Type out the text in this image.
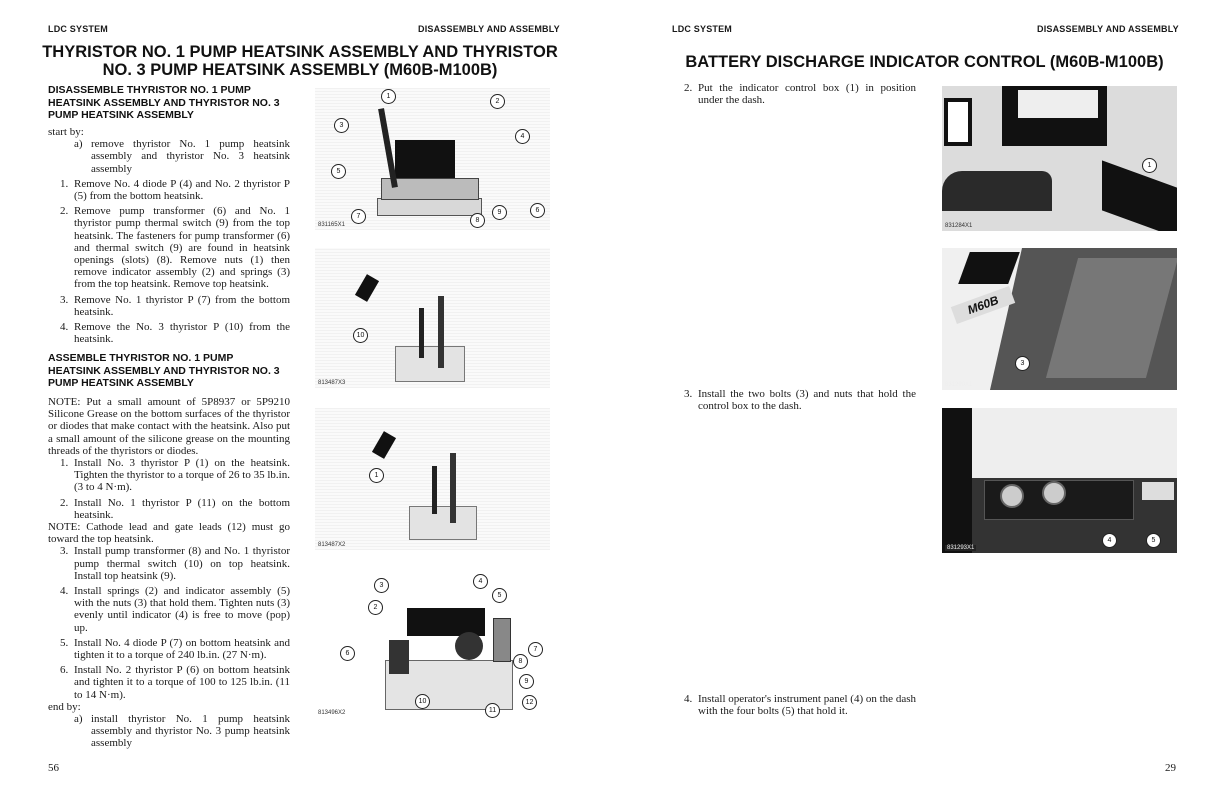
LDC SYSTEM	DISASSEMBLY AND ASSEMBLY
THYRISTOR NO. 1 PUMP HEATSINK ASSEMBLY AND THYRISTOR
NO. 3 PUMP HEATSINK ASSEMBLY (M60B-M100B)
DISASSEMBLE THYRISTOR NO. 1 PUMP HEATSINK ASSEMBLY AND THYRISTOR NO. 3 PUMP HEATSINK ASSEMBLY

start by:

a) remove thyristor No. 1 pump heatsink assembly and thyristor No. 3 heatsink assembly
1. Remove No. 4 diode P (4) and No. 2 thyristor P (5) from the bottom heatsink.
2. Remove pump transformer (6) and No. 1 thyristor pump thermal switch (9) from the top heatsink. The fasteners for pump transformer (6) and thermal switch (9) are found in heatsink openings (slots) (8). Remove nuts (1) then remove indicator assembly (2) and springs (3) from the top heatsink. Remove top heatsink.
3. Remove No. 1 thyristor P (7) from the bottom heatsink.
4. Remove the No. 3 thyristor P (10) from the heatsink.
ASSEMBLE THYRISTOR NO. 1 PUMP HEATSINK ASSEMBLY AND THYRISTOR NO. 3 PUMP HEATSINK ASSEMBLY

NOTE: Put a small amount of 5P8937 or 5P9210 Silicone Grease on the bottom surfaces of the thyristor or diodes that make contact with the heatsink. Also put a small amount of the silicone grease on the mounting threads of the thyristors or diodes.

1. Install No. 3 thyristor P (1) on the heatsink. Tighten the thyristor to a torque of 26 to 35 lb.in. (3 to 4 N·m).
2. Install No. 1 thyristor P (11) on the bottom heatsink.

NOTE: Cathode lead and gate leads (12) must go toward the top heatsink.

3. Install pump transformer (8) and No. 1 thyristor pump thermal switch (10) on top heatsink. Install top heatsink (9).
4. Install springs (2) and indicator assembly (5) with the nuts (3) that hold them. Tighten nuts (3) evenly until indicator (4) is free to move (pop) up.
5. Install No. 4 diode P (7) on bottom heatsink and tighten it to a torque of 240 lb.in. (27 N·m).
6. Install No. 2 thyristor P (6) on bottom heatsink and tighten it to a torque of 100 to 125 lb.in. (11 to 14 N·m).

end by:

a) install thyristor No. 1 pump heatsink assembly and thyristor No. 3 pump heatsink assembly
1
2
3
4
5
6
7
8
9
831165X1
10
813487X3
1
813487X2
2
3
4
5
6
7
8
9
10
11
12
813496X2
56
LDC SYSTEM	DISASSEMBLY AND ASSEMBLY
BATTERY DISCHARGE INDICATOR CONTROL (M60B-M100B)
2. Put the indicator control box (1) in position under the dash.
3. Install the two bolts (3) and nuts that hold the control box to the dash.
4. Install operator's instrument panel (4) on the dash with the four bolts (5) that hold it.
1
831284X1
M60B
3
831290X1
4	5
831293X1
29
